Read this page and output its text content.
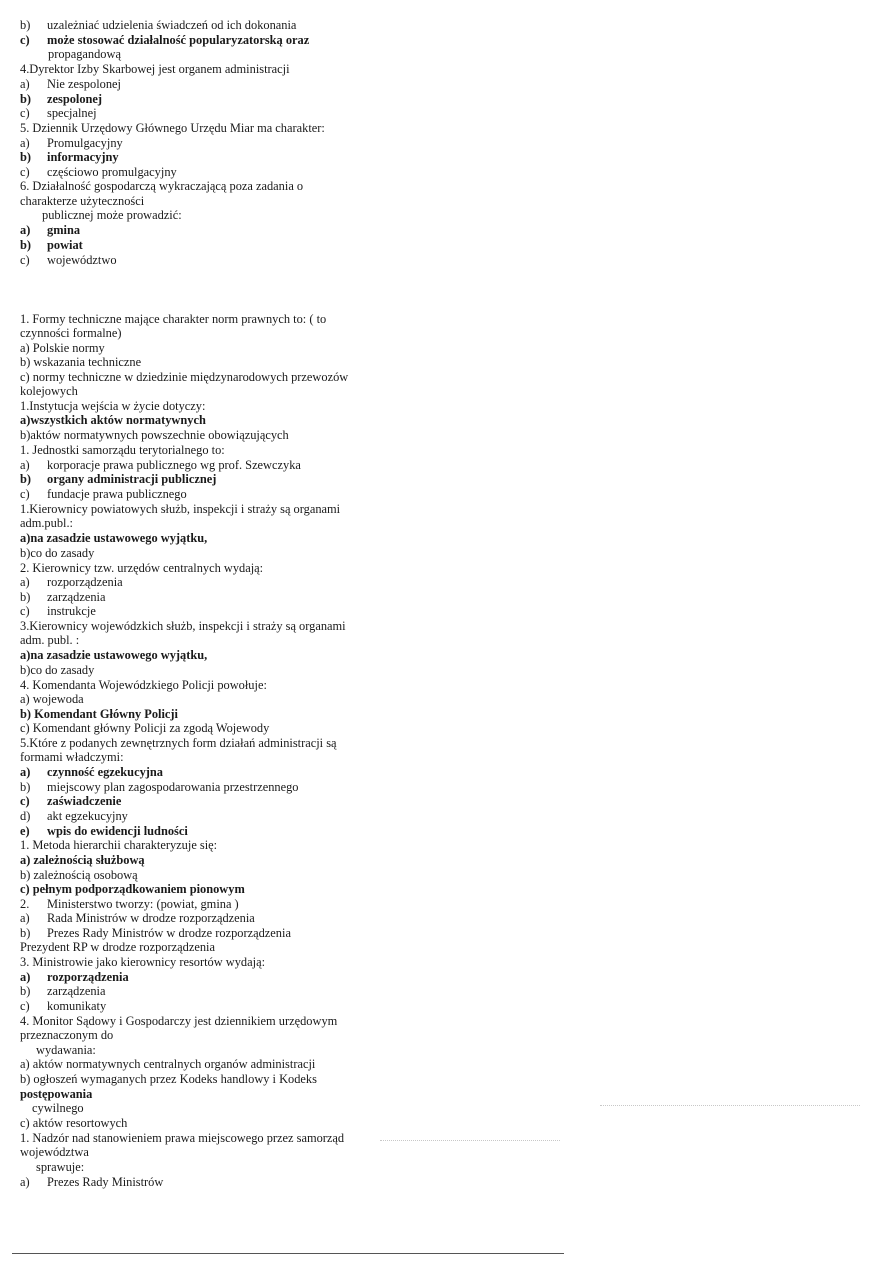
b) uzależniać udzielenia świadczeń od ich dokonania
c) może stosować działalność popularyzatorską oraz
propagandową
4.Dyrektor Izby Skarbowej jest organem administracji
a) Nie zespolonej
b) zespolonej
c) specjalnej
5. Dziennik Urzędowy Głównego Urzędu Miar ma charakter:
a) Promulgacyjny
b) informacyjny
c) częściowo promulgacyjny
6. Działalność gospodarczą wykraczającą poza zadania o
charakterze użyteczności
publicznej może prowadzić:
a) gmina
b) powiat
c) województwo
1. Formy techniczne mające charakter norm prawnych to: ( to
czynności formalne)
a) Polskie normy
b) wskazania techniczne
c) normy techniczne w dziedzinie międzynarodowych przewozów
kolejowych
1.Instytucja wejścia w życie dotyczy:
a)wszystkich aktów normatywnych
b)aktów normatywnych powszechnie obowiązujących
1. Jednostki samorządu terytorialnego to:
a) korporacje prawa publicznego wg prof. Szewczyka
b) organy administracji publicznej
c) fundacje prawa publicznego
1.Kierownicy powiatowych służb, inspekcji i straży są organami
adm.publ.:
a)na zasadzie ustawowego wyjątku,
b)co do zasady
2. Kierownicy tzw. urzędów centralnych wydają:
a) rozporządzenia
b) zarządzenia
c) instrukcje
3.Kierownicy wojewódzkich służb, inspekcji i straży są organami
adm. publ. :
a)na zasadzie ustawowego wyjątku,
b)co do zasady
4. Komendanta Wojewódzkiego Policji powołuje:
a) wojewoda
b) Komendant Główny Policji
c) Komendant główny Policji za zgodą Wojewody
5.Które z podanych zewnętrznych form działań administracji są
formami władczymi:
a) czynność egzekucyjna
b) miejscowy plan zagospodarowania przestrzennego
c) zaświadczenie
d) akt egzekucyjny
e) wpis do ewidencji ludności
1. Metoda hierarchii charakteryzuje się:
a) zależnością służbową
b) zależnością osobową
c) pełnym podporządkowaniem pionowym
2. Ministerstwo tworzy: (powiat, gmina )
a) Rada Ministrów w drodze rozporządzenia
b) Prezes Rady Ministrów w drodze rozporządzenia
Prezydent RP w drodze rozporządzenia
3. Ministrowie jako kierownicy resortów wydają:
a) rozporządzenia
b) zarządzenia
c) komunikaty
4. Monitor Sądowy i Gospodarczy jest dziennikiem urzędowym
przeznaczonym do
wydawania:
a) aktów normatywnych centralnych organów administracji
b) ogłoszeń wymaganych przez Kodeks handlowy i Kodeks
postępowania
cywilnego
c) aktów resortowych
1. Nadzór nad stanowieniem prawa miejscowego przez samorząd
województwa
sprawuje:
a) Prezes Rady Ministrów
